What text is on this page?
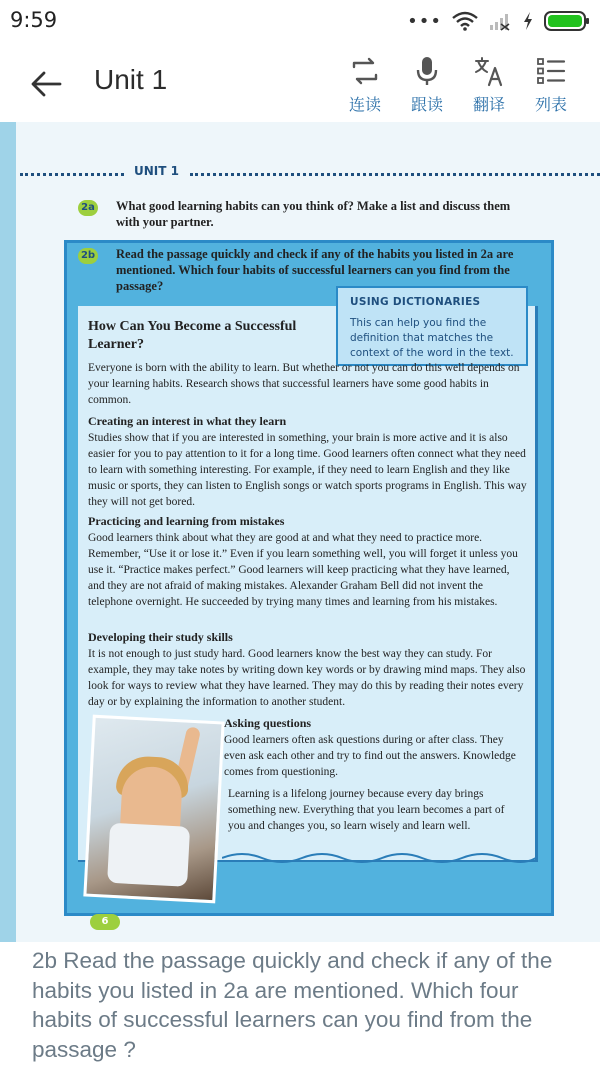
9:59	•••
Unit 1
连读 跟读 翻译 列表
UNIT 1
2a What good learning habits can you think of? Make a list and discuss them with your partner.

2b Read the passage quickly and check if any of the habits you listed in 2a are mentioned. Which four habits of successful learners can you find from the passage?

USING DICTIONARIES

This can help you find the definition that matches the context of the word in the text.

How Can You Become a Successful Learner?

Everyone is born with the ability to learn. But whether or not you can do this well depends on your learning habits. Research shows that successful learners have some good habits in common.

Creating an interest in what they learn

Studies show that if you are interested in something, your brain is more active and it is also easier for you to pay attention to it for a long time. Good learners often connect what they need to learn with something interesting. For example, if they need to learn English and they like music or sports, they can listen to English songs or watch sports programs in English. This way they will not get bored.

Practicing and learning from mistakes

Good learners think about what they are good at and what they need to practice more. Remember, “Use it or lose it.” Even if you learn something well, you will forget it unless you use it. “Practice makes perfect.” Good learners will keep practicing what they have learned, and they are not afraid of making mistakes. Alexander Graham Bell did not invent the telephone overnight. He succeeded by trying many times and learning from his mistakes.

Developing their study skills

It is not enough to just study hard. Good learners know the best way they can study. For example, they may take notes by writing down key words or by drawing mind maps. They also look for ways to review what they have learned. They may do this by reading their notes every day or by explaining the information to another student.

Asking questions

Good learners often ask questions during or after class. They even ask each other and try to find out the answers. Knowledge comes from questioning.

Learning is a lifelong journey because every day brings something new. Everything that you learn becomes a part of you and changes you, so learn wisely and learn well.

6

2b Read the passage quickly and check if any of the habits you listed in 2a are mentioned. Which four habits of successful learners can you find from the passage ?
